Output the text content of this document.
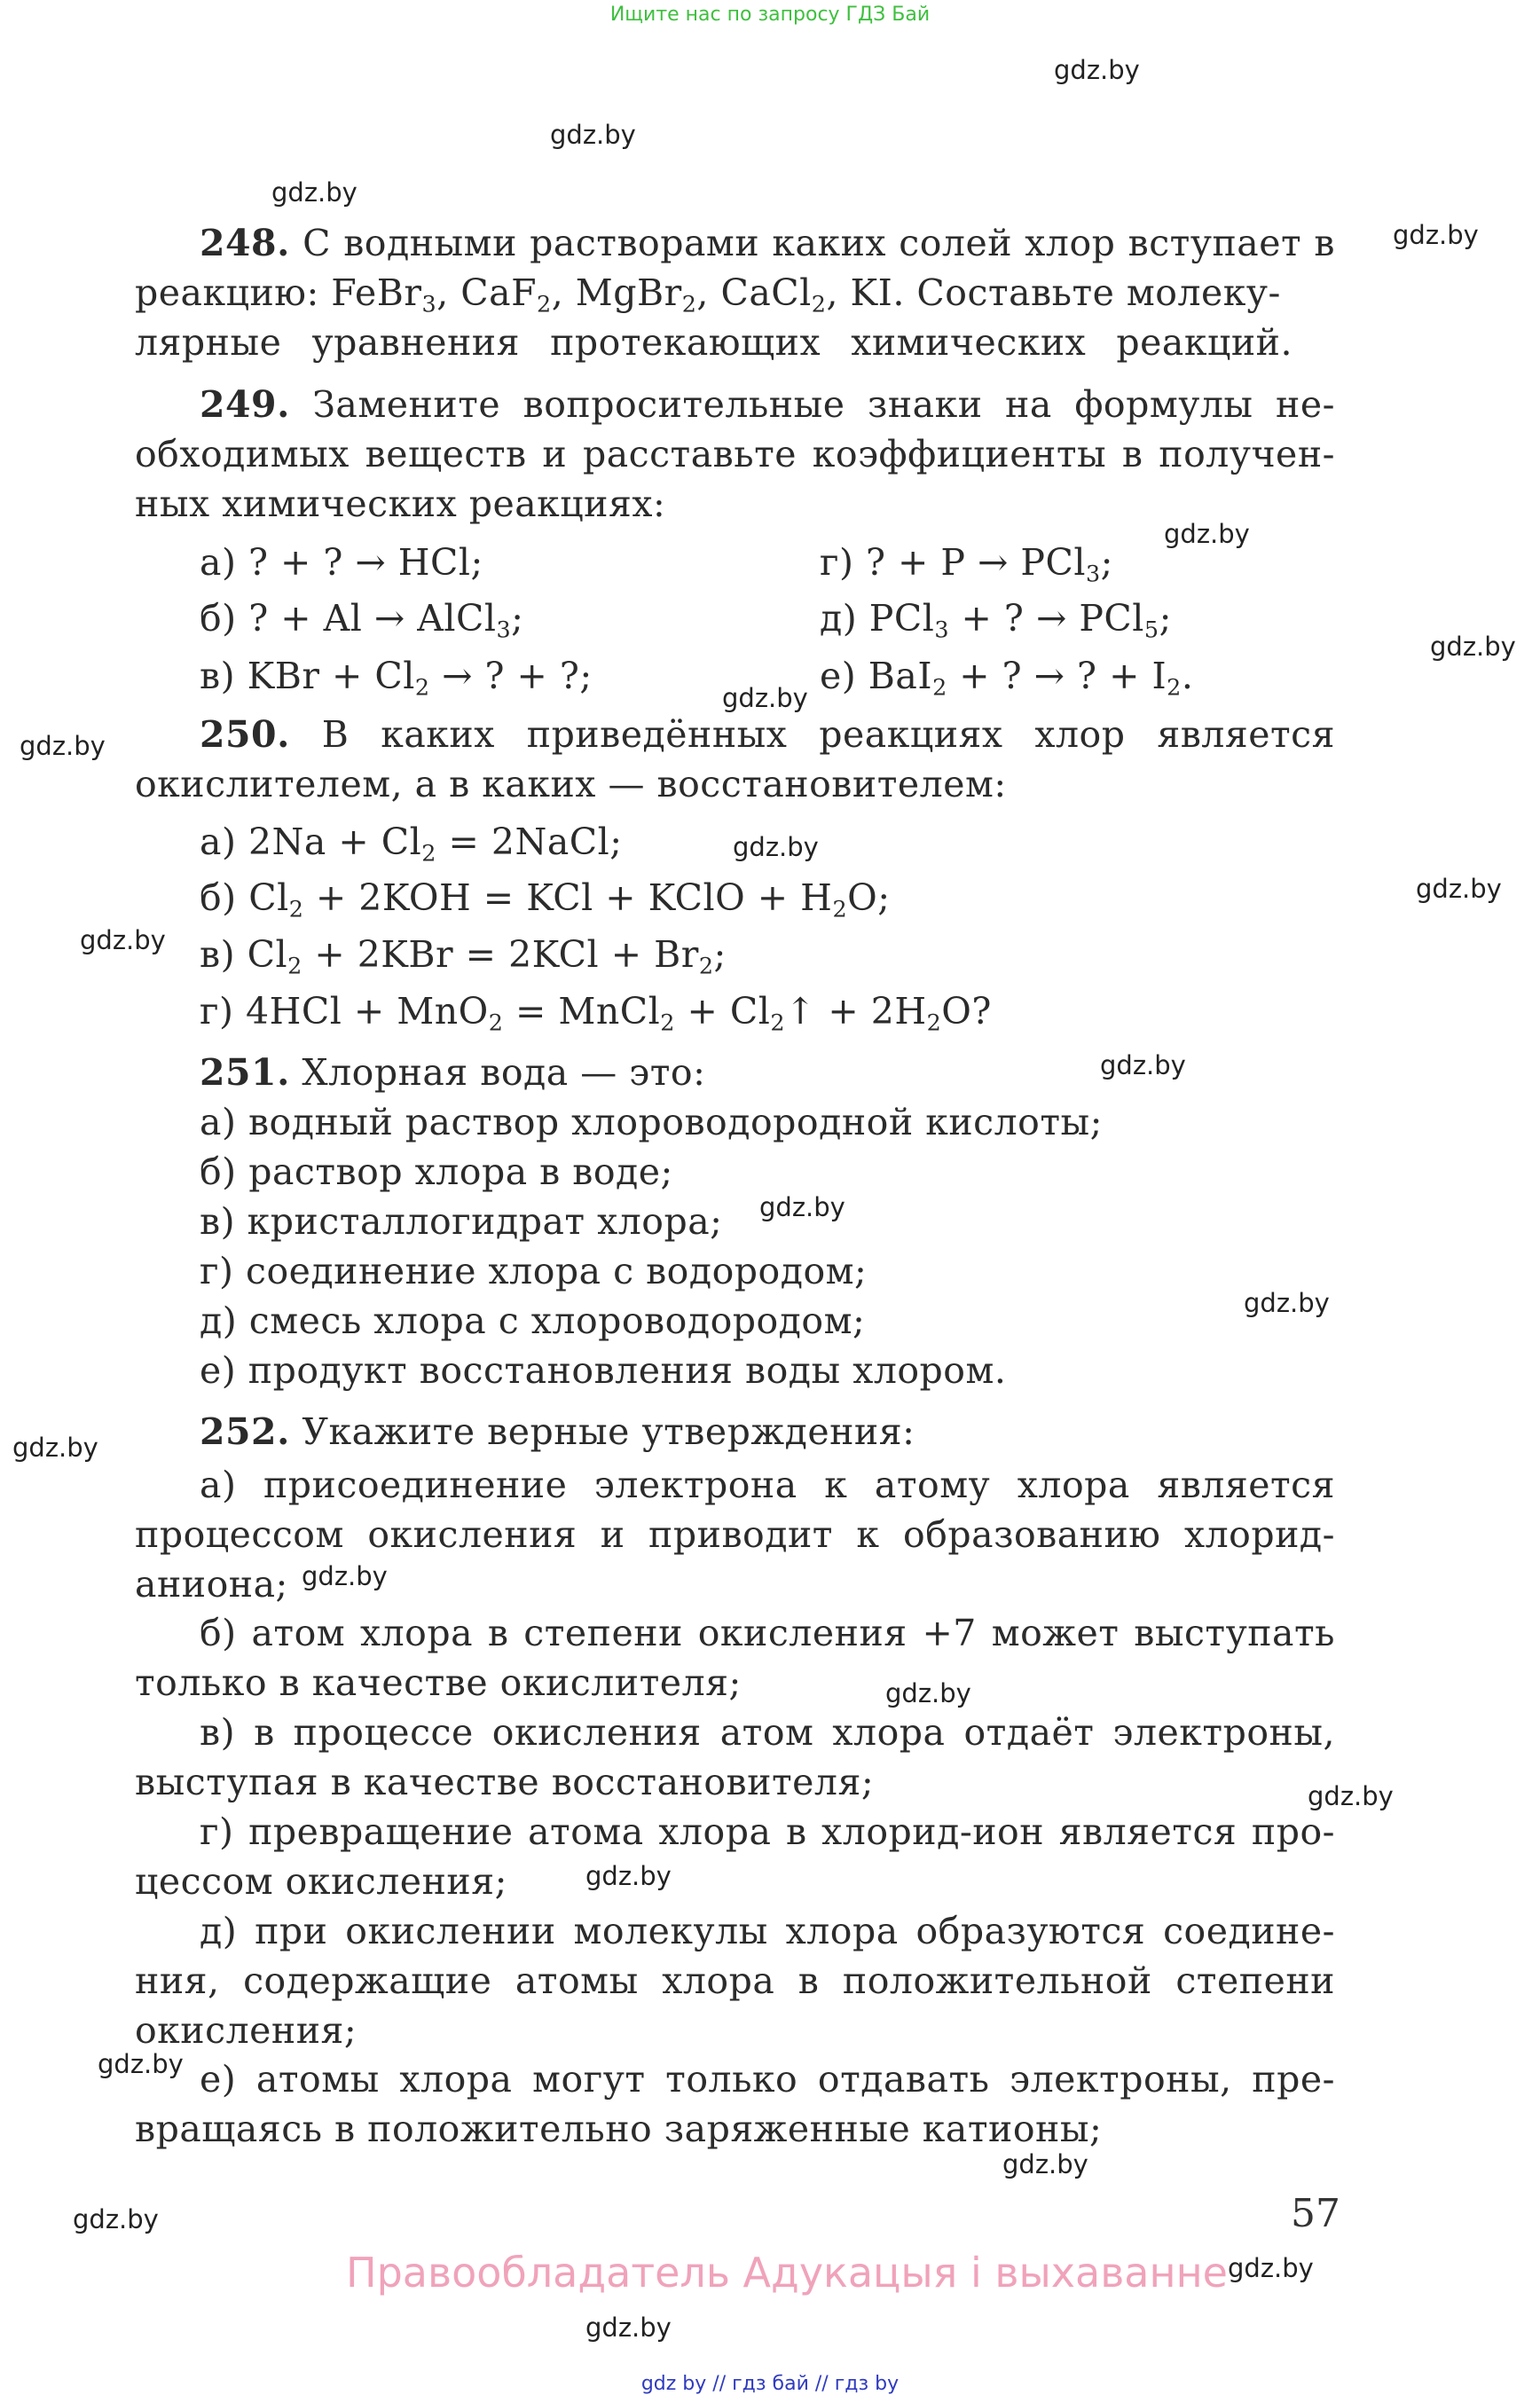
Ищите нас по запросу ГДЗ Бай
gdz.by
gdz.by
gdz.by
gdz.by
gdz.by
gdz.by
gdz.by
gdz.by
gdz.by
gdz.by
gdz.by
gdz.by
gdz.by
gdz.by
gdz.by
gdz.by
gdz.by
gdz.by
gdz.by
gdz.by
gdz.by
gdz.by
gdz.by
gdz.by
248. С водными растворами каких солей хлор вступает в
реакцию: FeBr$_3$, CaF$_2$, MgBr$_2$, CaCl$_2$, KI. Составьте молеку-
лярные уравнения протекающих химических реакций.
249. Замените вопросительные знаки на формулы не-
обходимых веществ и расставьте коэффициенты в получен-
ных химических реакциях:
а) ? + ? → HCl;
б) ? + Al → AlCl$_3$;
в) KBr + $Cl_2$ → ? + ?;
г) ? + P → PCl$_3$;
д) PCl$_3$ + ? → PCl$_5$;
е) BaI$_2$ + ? → ? + $I_2$.
250. В каких приведённых реакциях хлор является
окислителем, а в каких — восстановителем:
а) $2Na + Cl_2$ = 2NaCl;
б) $Cl_2 + 2KOH$ = KCl + KClO + $H_2O$;
в) $Cl_2 + 2KBr = 2KCl + Br_2$;
г) 4HCl + MnO$_2$ = MnCl$_2$ + $Cl_2↑ + 2H_2O$?
251. Хлорная вода — это:
а) водный раствор хлороводородной кислоты;
б) раствор хлора в воде;
в) кристаллогидрат хлора;
г) соединение хлора с водородом;
д) смесь хлора с хлороводородом;
е) продукт восстановления воды хлором.
252. Укажите верные утверждения:
а) присоединение электрона к атому хлора является
процессом окисления и приводит к образованию хлорид-
аниона;
б) атом хлора в степени окисления +7 может выступать
только в качестве окислителя;
в) в процессе окисления атом хлора отдаёт электроны,
выступая в качестве восстановителя;
г) превращение атома хлора в хлорид-ион является про-
цессом окисления;
д) при окислении молекулы хлора образуются соедине-
ния, содержащие атомы хлора в положительной степени
окисления;
е) атомы хлора могут только отдавать электроны, пре-
вращаясь в положительно заряженные катионы;
57
Правообладатель Адукацыя і выхаванне
gdz by // гдз бай // гдз by
